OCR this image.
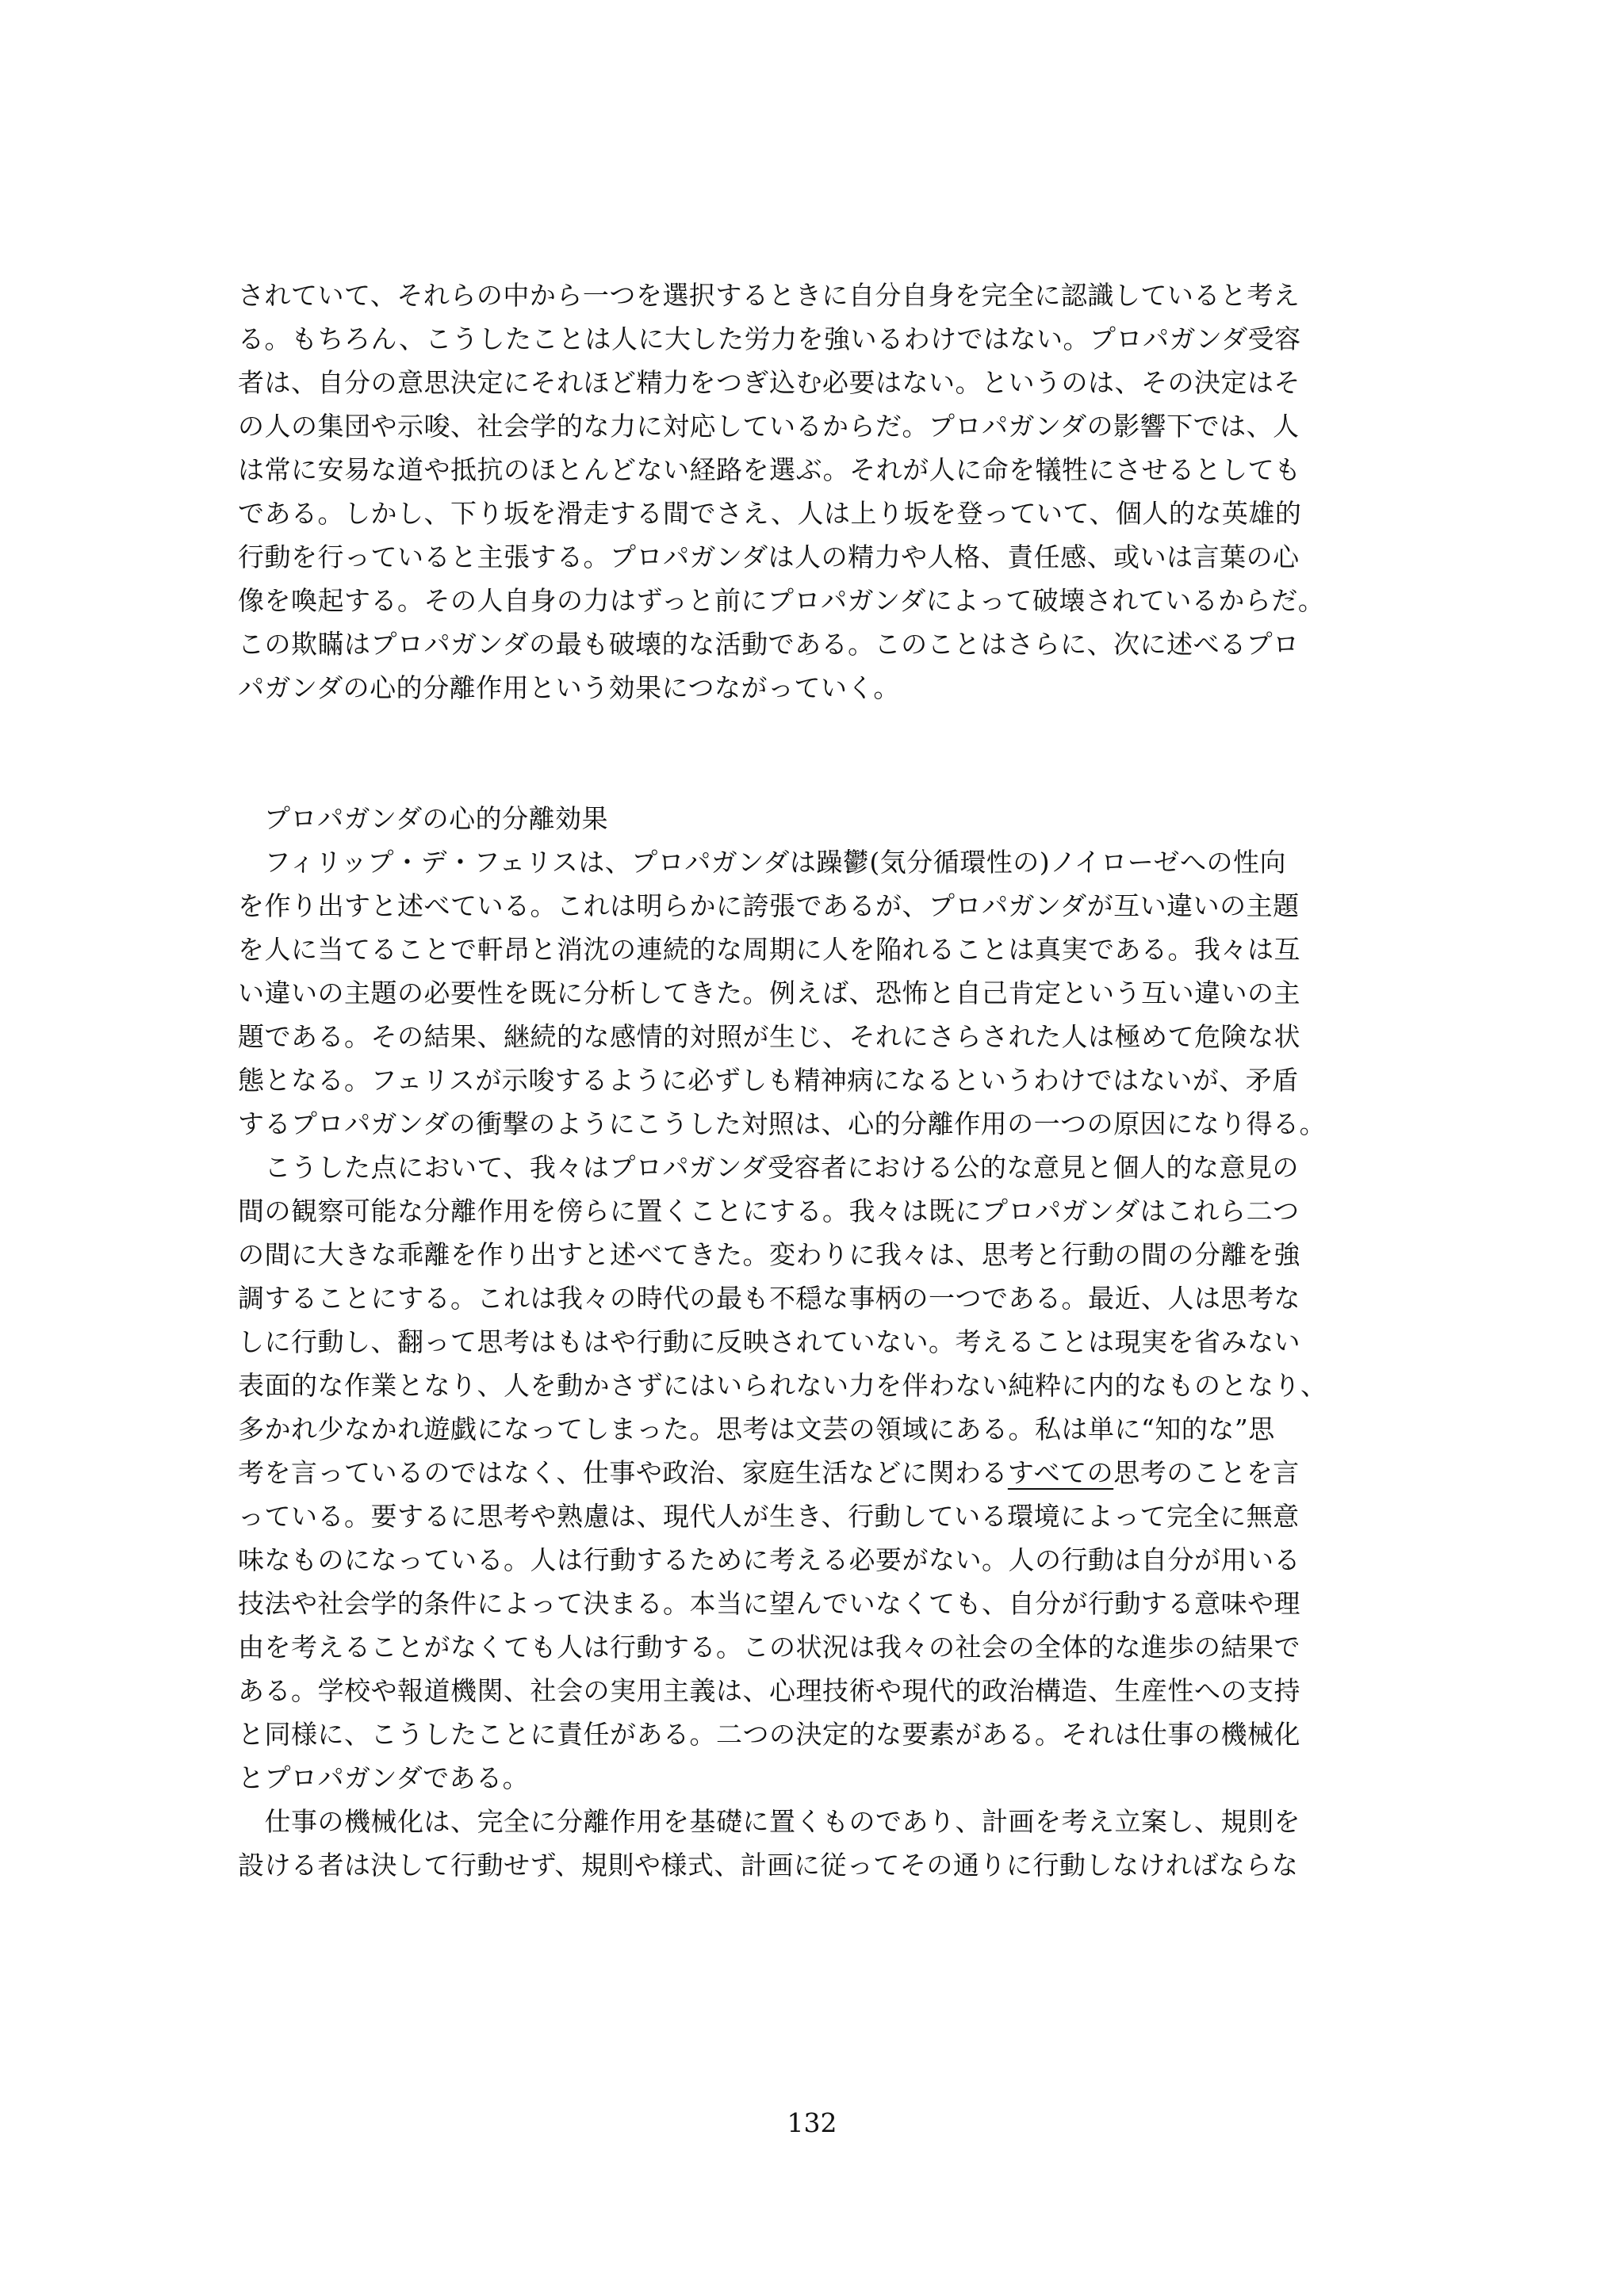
されていて、それらの中から一つを選択するときに自分自身を完全に認識していると考え

る。もちろん、こうしたことは人に大した労力を強いるわけではない。プロパガンダ受容

者は、自分の意思決定にそれほど精力をつぎ込む必要はない。というのは、その決定はそ

の人の集団や示唆、社会学的な力に対応しているからだ。プロパガンダの影響下では、人

は常に安易な道や抵抗のほとんどない経路を選ぶ。それが人に命を犠牲にさせるとしても

である。しかし、下り坂を滑走する間でさえ、人は上り坂を登っていて、個人的な英雄的

行動を行っていると主張する。プロパガンダは人の精力や人格、責任感、或いは言葉の心

像を喚起する。その人自身の力はずっと前にプロパガンダによって破壊されているからだ。

この欺瞞はプロパガンダの最も破壊的な活動である。このことはさらに、次に述べるプロ

パガンダの心的分離作用という効果につながっていく。

プロパガンダの心的分離効果

　フィリップ・デ・フェリスは、プロパガンダは躁鬱(気分循環性の)ノイローゼへの性向

を作り出すと述べている。これは明らかに誇張であるが、プロパガンダが互い違いの主題

を人に当てることで軒昂と消沈の連続的な周期に人を陥れることは真実である。我々は互

い違いの主題の必要性を既に分析してきた。例えば、恐怖と自己肯定という互い違いの主

題である。その結果、継続的な感情的対照が生じ、それにさらされた人は極めて危険な状

態となる。フェリスが示唆するように必ずしも精神病になるというわけではないが、矛盾

するプロパガンダの衝撃のようにこうした対照は、心的分離作用の一つの原因になり得る。

　こうした点において、我々はプロパガンダ受容者における公的な意見と個人的な意見の

間の観察可能な分離作用を傍らに置くことにする。我々は既にプロパガンダはこれら二つ

の間に大きな乖離を作り出すと述べてきた。変わりに我々は、思考と行動の間の分離を強

調することにする。これは我々の時代の最も不穏な事柄の一つである。最近、人は思考な

しに行動し、翻って思考はもはや行動に反映されていない。考えることは現実を省みない

表面的な作業となり、人を動かさずにはいられない力を伴わない純粋に内的なものとなり、

多かれ少なかれ遊戯になってしまった。思考は文芸の領域にある。私は単に“知的な”思

考を言っているのではなく、仕事や政治、家庭生活などに関わるすべての思考のことを言

っている。要するに思考や熟慮は、現代人が生き、行動している環境によって完全に無意

味なものになっている。人は行動するために考える必要がない。人の行動は自分が用いる

技法や社会学的条件によって決まる。本当に望んでいなくても、自分が行動する意味や理

由を考えることがなくても人は行動する。この状況は我々の社会の全体的な進歩の結果で

ある。学校や報道機関、社会の実用主義は、心理技術や現代的政治構造、生産性への支持

と同様に、こうしたことに責任がある。二つの決定的な要素がある。それは仕事の機械化

とプロパガンダである。

　仕事の機械化は、完全に分離作用を基礎に置くものであり、計画を考え立案し、規則を

設ける者は決して行動せず、規則や様式、計画に従ってその通りに行動しなければならな

132
